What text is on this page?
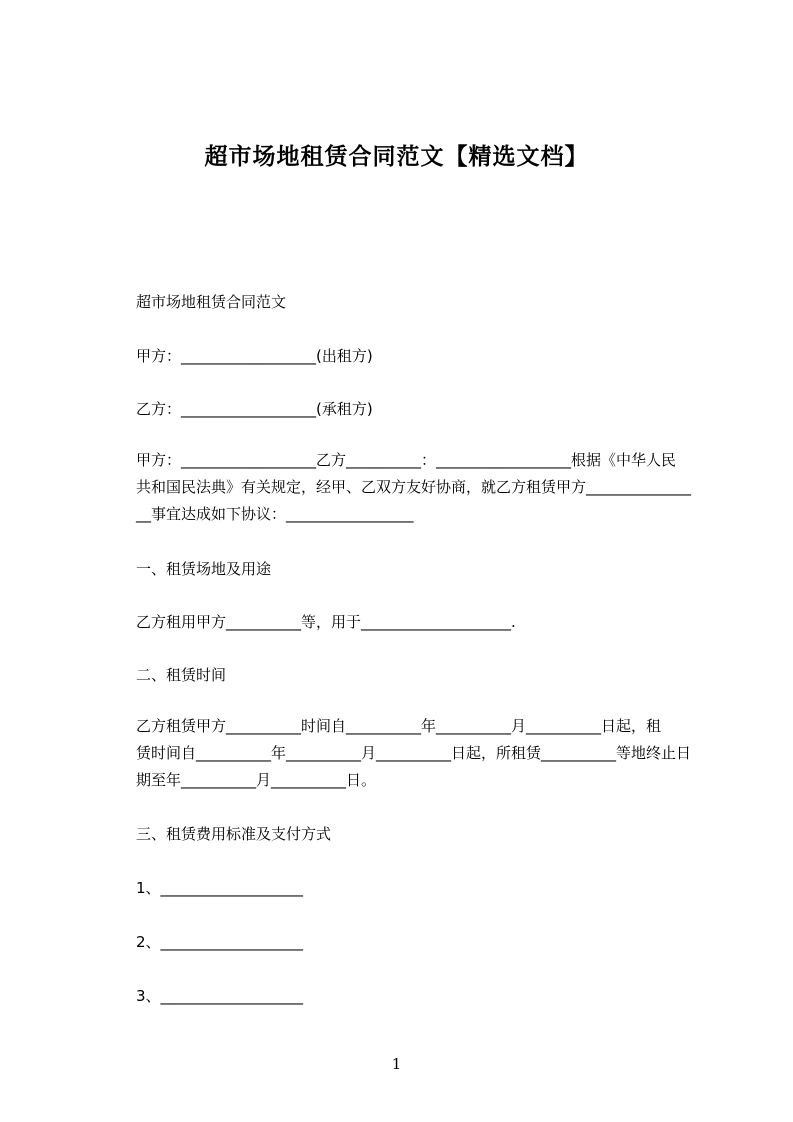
超市场地租赁合同范文【精选文档】
超市场地租赁合同范文
甲方：__________________(出租方)
乙方：__________________(承租方)
甲方：__________________乙方__________：__________________根据《中华人民
共和国民法典》有关规定，经甲、乙双方友好协商，就乙方租赁甲方______________
__事宜达成如下协议：_________________
一、租赁场地及用途
乙方租用甲方__________等，用于____________________.
二、租赁时间
乙方租赁甲方__________时间自__________年__________月__________日起，租
赁时间自__________年__________月__________日起，所租赁__________等地终止日
期至年__________月__________日。
三、租赁费用标准及支付方式
1、___________________
2、___________________
3、___________________
1
